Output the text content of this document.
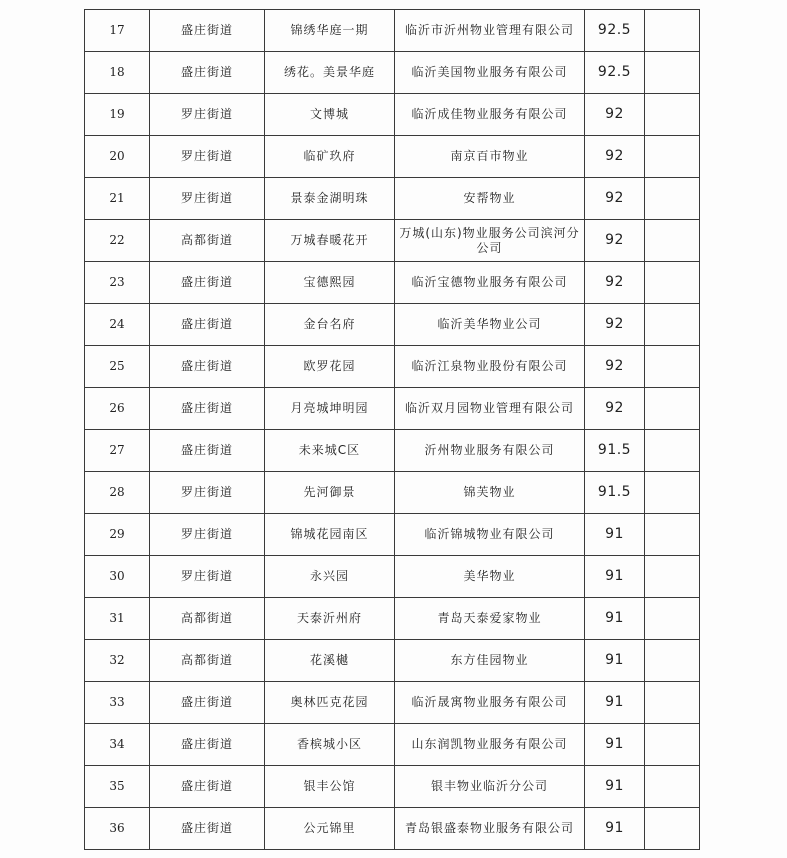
17	盛庄街道	锦绣华庭一期	临沂市沂州物业管理有限公司	92.5	
18	盛庄街道	绣花。美景华庭	临沂美国物业服务有限公司	92.5	
19	罗庄街道	文博城	临沂成佳物业服务有限公司	92	
20	罗庄街道	临矿玖府	南京百市物业	92	
21	罗庄街道	景泰金湖明珠	安帮物业	92	
22	高都街道	万城春暖花开	万城(山东)物业服务公司滨河分公司	92	
23	盛庄街道	宝德熙园	临沂宝德物业服务有限公司	92	
24	盛庄街道	金台名府	临沂美华物业公司	92	
25	盛庄街道	欧罗花园	临沂江泉物业股份有限公司	92	
26	盛庄街道	月亮城坤明园	临沂双月园物业管理有限公司	92	
27	盛庄街道	未来城C区	沂州物业服务有限公司	91.5	
28	罗庄街道	先河御景	锦芙物业	91.5	
29	罗庄街道	锦城花园南区	临沂锦城物业有限公司	91	
30	罗庄街道	永兴园	美华物业	91	
31	高都街道	天泰沂州府	青岛天泰爱家物业	91	
32	高都街道	花溪樾	东方佳园物业	91	
33	盛庄街道	奥林匹克花园	临沂晟寓物业服务有限公司	91	
34	盛庄街道	香槟城小区	山东润凯物业服务有限公司	91	
35	盛庄街道	银丰公馆	银丰物业临沂分公司	91	
36	盛庄街道	公元锦里	青岛银盛泰物业服务有限公司	91	
